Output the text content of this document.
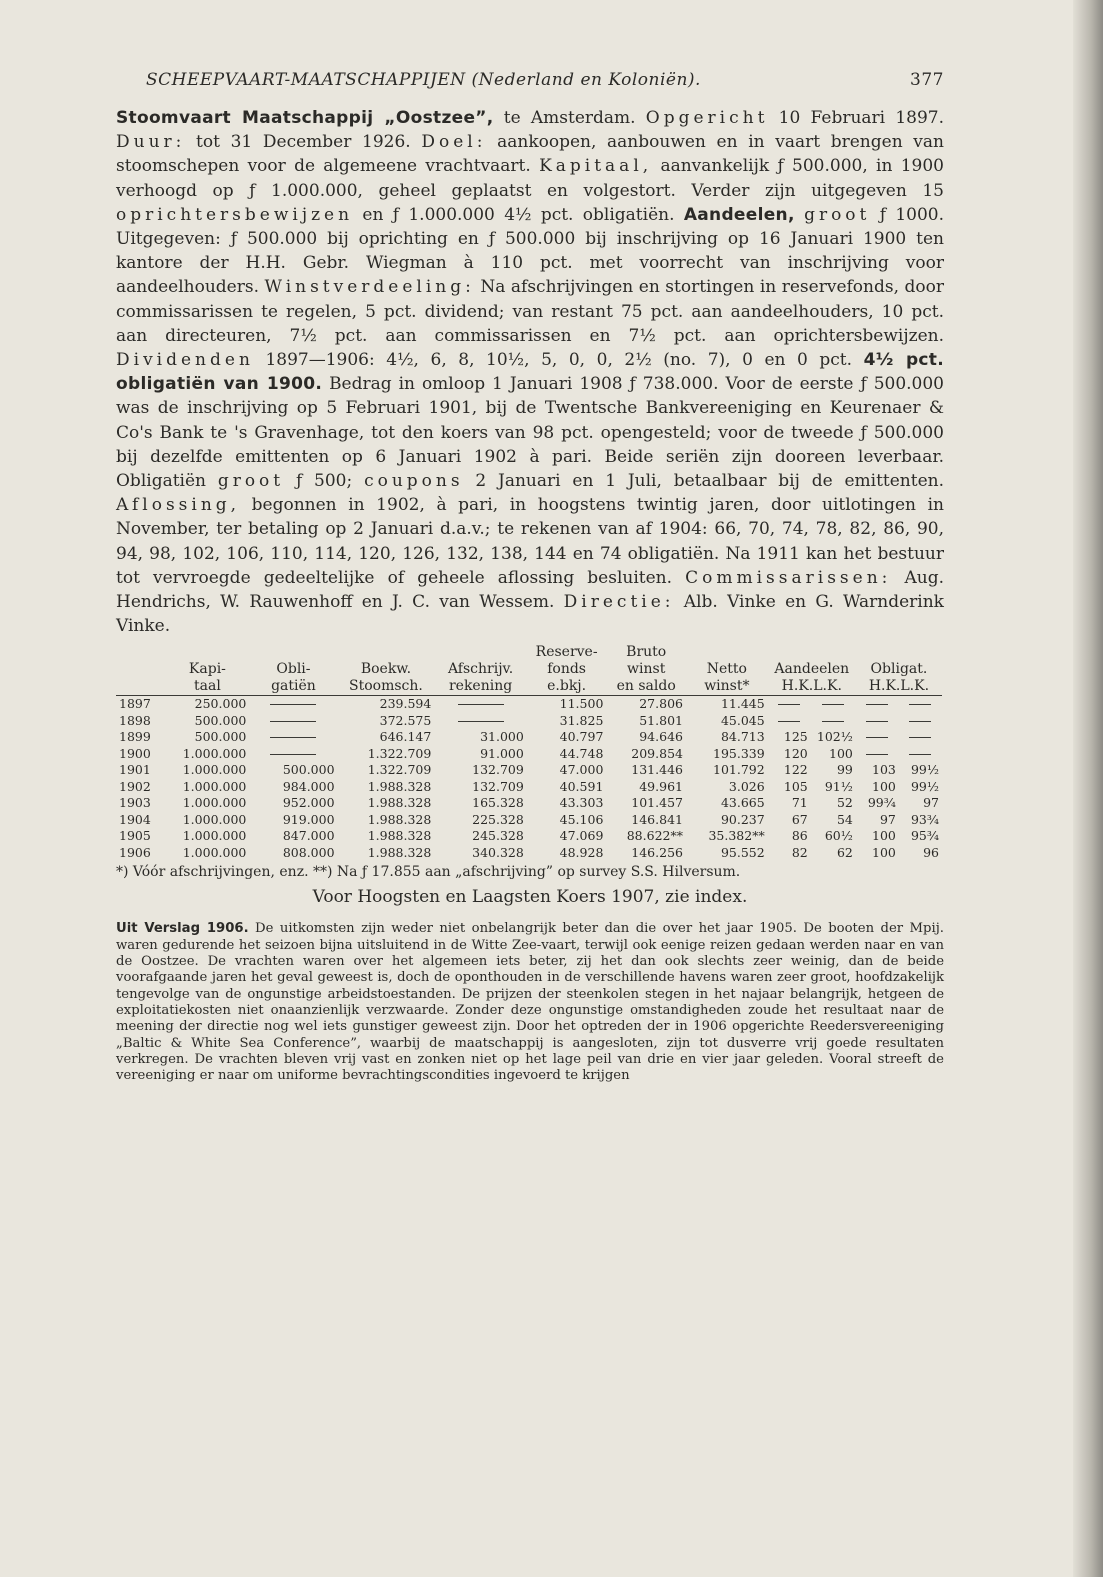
SCHEEPVAART-MAATSCHAPPIJEN (Nederland en Koloniën).	377

Stoomvaart Maatschappij „Oostzee”, te Amsterdam. Opgericht 10 Februari 1897. Duur: tot 31 December 1926. Doel: aankoopen, aanbouwen en in vaart brengen van stoomschepen voor de algemeene vrachtvaart. Kapitaal, aanvankelijk ƒ 500.000, in 1900 verhoogd op ƒ 1.000.000, geheel geplaatst en volgestort. Verder zijn uitgegeven 15 oprichtersbewijzen en ƒ 1.000.000 4½ pct. obligatiën. Aandeelen, groot ƒ 1000. Uitgegeven: ƒ 500.000 bij oprichting en ƒ 500.000 bij inschrijving op 16 Januari 1900 ten kantore der H.H. Gebr. Wiegman à 110 pct. met voorrecht van inschrijving voor aandeelhouders. Winstverdeeling: Na afschrijvingen en stortingen in reservefonds, door commissarissen te regelen, 5 pct. dividend; van restant 75 pct. aan aandeelhouders, 10 pct. aan directeuren, 7½ pct. aan commissarissen en 7½ pct. aan oprichtersbewijzen. Dividenden 1897—1906: 4½, 6, 8, 10½, 5, 0, 0, 2½ (no. 7), 0 en 0 pct. 4½ pct. obligatiën van 1900. Bedrag in omloop 1 Januari 1908 ƒ 738.000. Voor de eerste ƒ 500.000 was de inschrijving op 5 Februari 1901, bij de Twentsche Bankvereeniging en Keurenaer & Co's Bank te 's Gravenhage, tot den koers van 98 pct. opengesteld; voor de tweede ƒ 500.000 bij dezelfde emittenten op 6 Januari 1902 à pari. Beide seriën zijn dooreen leverbaar. Obligatiën groot ƒ 500; coupons 2 Januari en 1 Juli, betaalbaar bij de emittenten. Aflossing, begonnen in 1902, à pari, in hoogstens twintig jaren, door uitlotingen in November, ter betaling op 2 Januari d.a.v.; te rekenen van af 1904: 66, 70, 74, 78, 82, 86, 90, 94, 98, 102, 106, 110, 114, 120, 126, 132, 138, 144 en 74 obligatiën. Na 1911 kan het bestuur tot vervroegde gedeeltelijke of geheele aflossing besluiten. Commissarissen: Aug. Hendrichs, W. Rauwenhoff en J. C. van Wessem. Directie: Alb. Vinke en G. Warnderink Vinke.

					Reserve-	Bruto					
	Kapi-	Obli-	Boekw.	Afschrijv.	fonds	winst	Netto	Aandeelen		Obligat.	
	taal	gatiën	Stoomsch.	rekening	e.bkj.	en saldo	winst*	H.K.L.K.		H.K.L.K.	
1897	250.000		239.594		11.500	27.806	11.445				
1898	500.000		372.575		31.825	51.801	45.045				
1899	500.000		646.147	31.000	40.797	94.646	84.713	125	102½		
1900	1.000.000		1.322.709	91.000	44.748	209.854	195.339	120	100		
1901	1.000.000	500.000	1.322.709	132.709	47.000	131.446	101.792	122	99	103	99½
1902	1.000.000	984.000	1.988.328	132.709	40.591	49.961	3.026	105	91½	100	99½
1903	1.000.000	952.000	1.988.328	165.328	43.303	101.457	43.665	71	52	99¾	97
1904	1.000.000	919.000	1.988.328	225.328	45.106	146.841	90.237	67	54	97	93¾
1905	1.000.000	847.000	1.988.328	245.328	47.069	88.622**	35.382**	86	60½	100	95¾
1906	1.000.000	808.000	1.988.328	340.328	48.928	146.256	95.552	82	62	100	96
*) Vóór afschrijvingen, enz. **) Na ƒ 17.855 aan „afschrijving” op survey S.S. Hilversum.
Voor Hoogsten en Laagsten Koers 1907, zie index.

Uit Verslag 1906. De uitkomsten zijn weder niet onbelangrijk beter dan die over het jaar 1905. De booten der Mpij. waren gedurende het seizoen bijna uitsluitend in de Witte Zee-vaart, terwijl ook eenige reizen gedaan werden naar en van de Oostzee. De vrachten waren over het algemeen iets beter, zij het dan ook slechts zeer weinig, dan de beide voorafgaande jaren het geval geweest is, doch de oponthouden in de verschillende havens waren zeer groot, hoofdzakelijk tengevolge van de ongunstige arbeidstoestanden. De prijzen der steenkolen stegen in het najaar belangrijk, hetgeen de exploitatiekosten niet onaanzienlijk verzwaarde. Zonder deze ongunstige omstandigheden zoude het resultaat naar de meening der directie nog wel iets gunstiger geweest zijn. Door het optreden der in 1906 opgerichte Reedersvereeniging „Baltic & White Sea Conference”, waarbij de maatschappij is aangesloten, zijn tot dusverre vrij goede resultaten verkregen. De vrachten bleven vrij vast en zonken niet op het lage peil van drie en vier jaar geleden. Vooral streeft de vereeniging er naar om uniforme bevrachtingscondities ingevoerd te krijgen
